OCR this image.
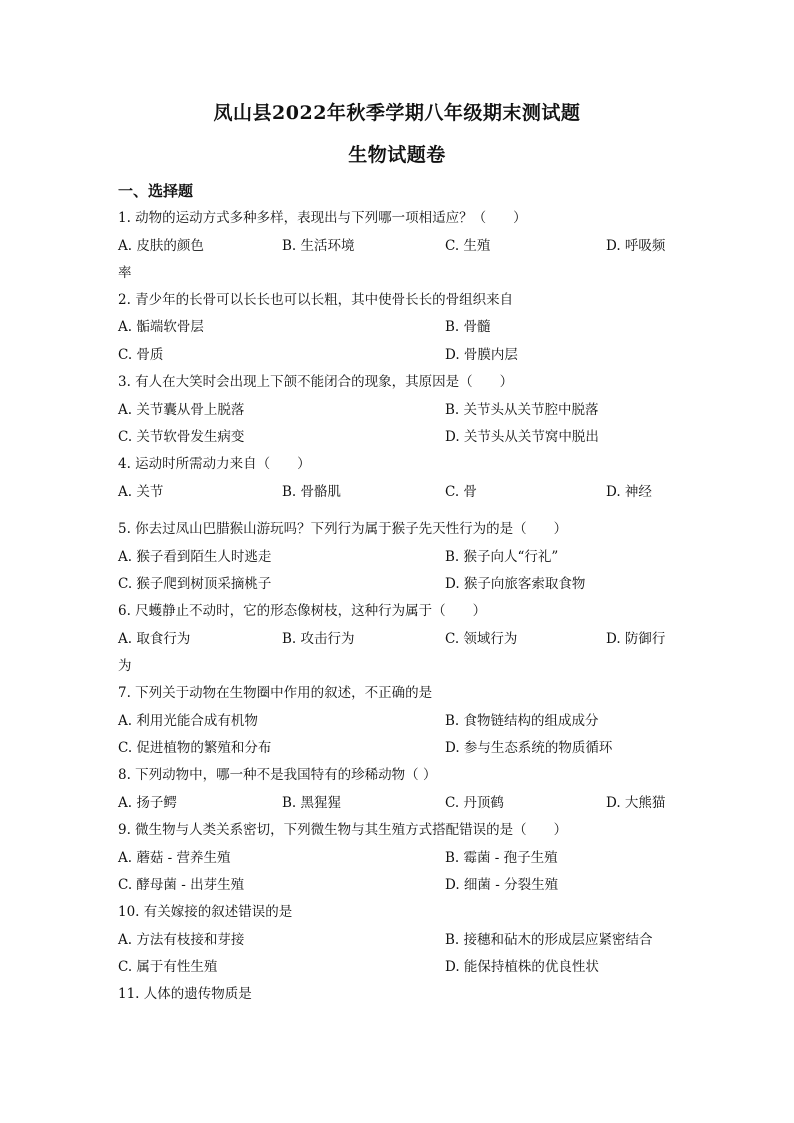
凤山县2022年秋季学期八年级期末测试题
生物试题卷
一、选择题
1. 动物的运动方式多种多样，表现出与下列哪一项相适应？（　　）
A. 皮肤的颜色	B. 生活环境	C. 生殖	D. 呼吸频
率
2. 青少年的长骨可以长长也可以长粗，其中使骨长长的骨组织来自
A. 骺端软骨层	B. 骨髓
C. 骨质	D. 骨膜内层
3. 有人在大笑时会出现上下颌不能闭合的现象，其原因是（　　）
A. 关节囊从骨上脱落	B. 关节头从关节腔中脱落
C. 关节软骨发生病变	D. 关节头从关节窝中脱出
4. 运动时所需动力来自（　　）
A. 关节	B. 骨骼肌	C. 骨	D. 神经
5. 你去过凤山巴腊猴山游玩吗？下列行为属于猴子先天性行为的是（　　）
A. 猴子看到陌生人时逃走	B. 猴子向人“行礼”
C. 猴子爬到树顶采摘桃子	D. 猴子向旅客索取食物
6. 尺蠖静止不动时，它的形态像树枝，这种行为属于（　　）
A. 取食行为	B. 攻击行为	C. 领域行为	D. 防御行
为
7. 下列关于动物在生物圈中作用的叙述，不正确的是
A. 利用光能合成有机物	B. 食物链结构的组成成分
C. 促进植物的繁殖和分布	D. 参与生态系统的物质循环
8. 下列动物中，哪一种不是我国特有的珍稀动物（ ）
A. 扬子鳄	B. 黑猩猩	C. 丹顶鹤	D. 大熊猫
9. 微生物与人类关系密切，下列微生物与其生殖方式搭配错误的是（　　）
A. 蘑菇 - 营养生殖	B. 霉菌 - 孢子生殖
C. 酵母菌 - 出芽生殖	D. 细菌 - 分裂生殖
10. 有关嫁接的叙述错误的是
A. 方法有枝接和芽接	B. 接穗和砧木的形成层应紧密结合
C. 属于有性生殖	D. 能保持植株的优良性状
11. 人体的遗传物质是
